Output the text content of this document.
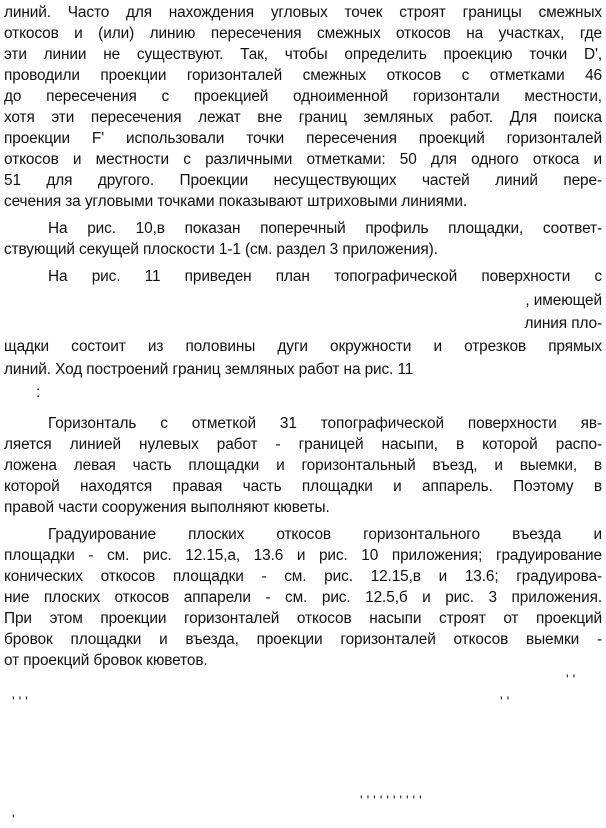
линий. Часто для нахождения угловых точек строят границы смежных
откосов и (или) линию пересечения смежных откосов на участках, где
эти линии не существуют. Так, чтобы определить проекцию точки D',
проводили проекции горизонталей смежных откосов с отметками 46
до пересечения с проекцией одноименной горизонтали местности,
хотя эти пересечения лежат вне границ земляных работ. Для поиска
проекции F' использовали точки пересечения проекций горизонталей
откосов и местности с различными отметками: 50 для одного откоса и
51 для другого. Проекции несуществующих частей линий пере-
сечения за угловыми точками показывают штриховыми линиями.
На рис. 10,в показан поперечный профиль площадки, соответ-
ствующий секущей плоскости 1-1 (см. раздел 3 приложения).
На рис. 11 приведен план топографической поверхности с
, имеющей
линия пло-
щадки состоит из половины дуги окружности и отрезков прямых
линий. Ход построений границ земляных работ на рис. 11
:
Горизонталь с отметкой 31 топографической поверхности яв-
ляется линией нулевых работ - границей насыпи, в которой распо-
ложена левая часть площадки и горизонтальный въезд, и выемки, в
которой находятся правая часть площадки и аппарель. Поэтому в
правой части сооружения выполняют кюветы.
Градуирование плоских откосов горизонтального въезда и
площадки - см. рис. 12.15,а, 13.6 и рис. 10 приложения; градуирование
конических откосов площадки - см. рис. 12.15,в и 13.6; градуирова-
ние плоских откосов аппарели - см. рис. 12.5,б и рис. 3 приложения.
При этом проекции горизонталей откосов насыпи строят от проекций
бровок площадки и въезда, проекции горизонталей откосов выемки -
от проекций бровок кюветов.
' '
' ' '	' '
' ' ' ' ' ' ' ' ' '
'
